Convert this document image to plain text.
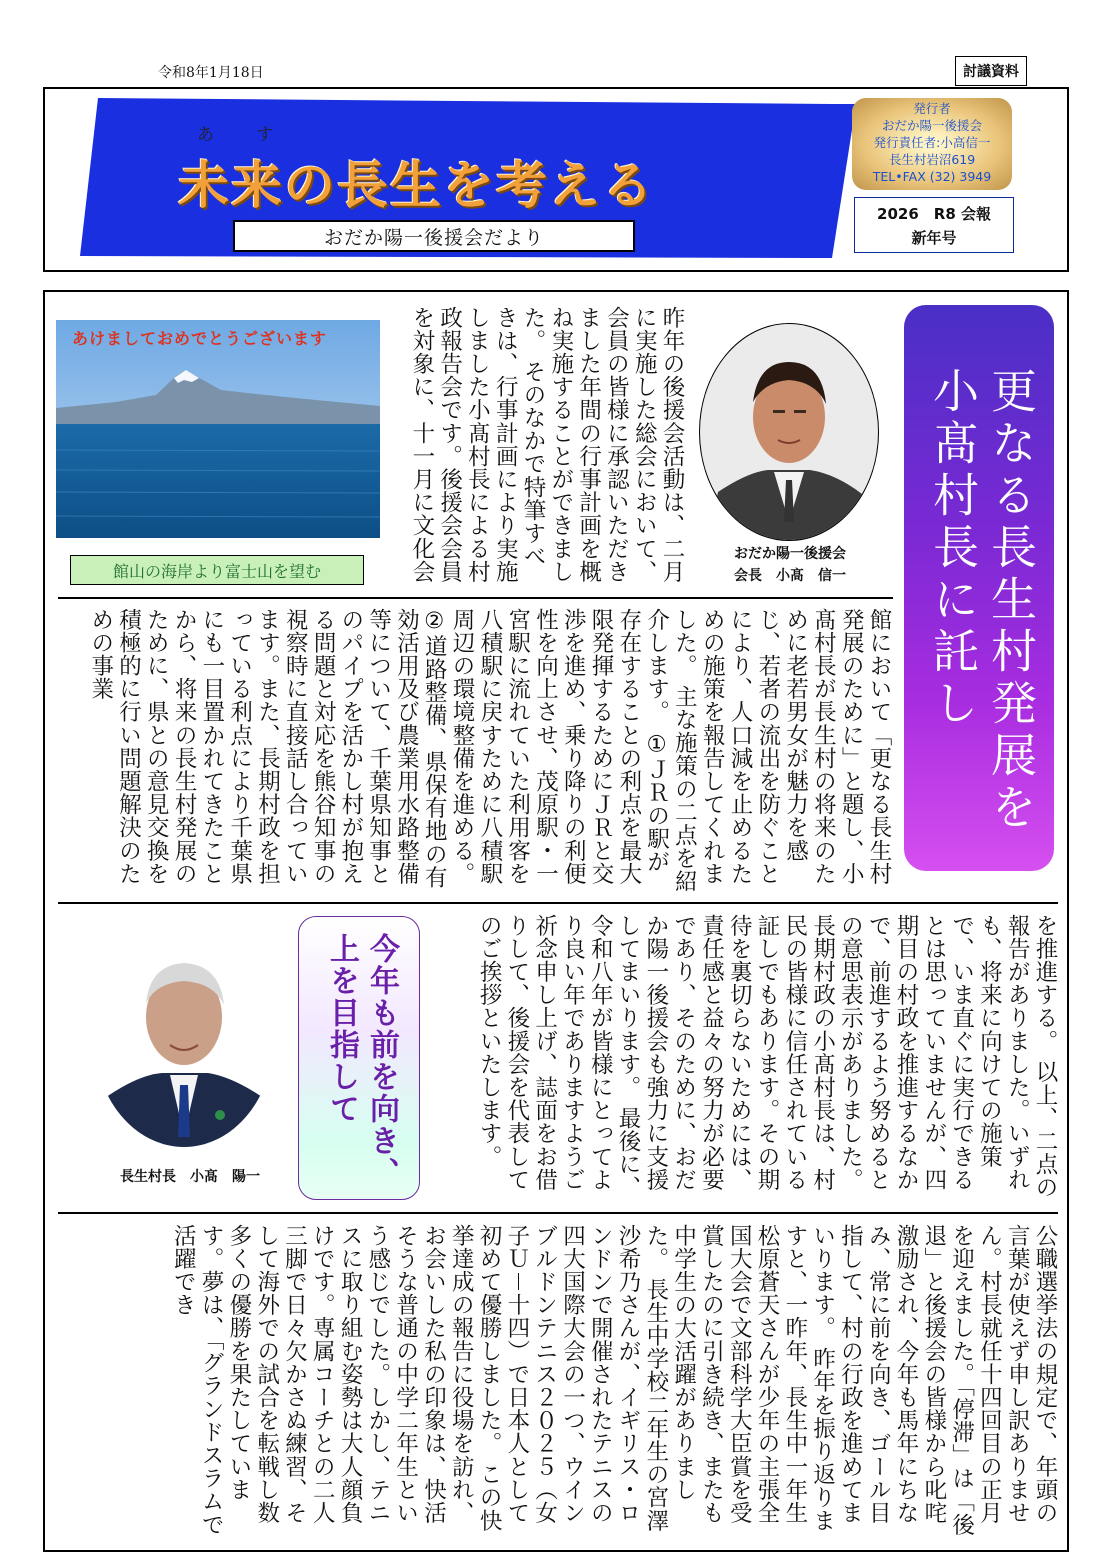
令和8年1月18日	討議資料
あ す
未来の長生を考える
おだか陽一後援会だより
発行者
おだか陽一後援会
発行責任者:小高信一
長生村岩沼619
TEL•FAX (32) 3949
2026　R8 会報
新年号
あけましておめでとうございます
館山の海岸より富士山を望む
おだか陽一後援会
会長　小髙　信一	更なる長生村発展を 小髙村長に託し
昨年の後援会活動は、二月に実施した総会において、会員の皆様に承認いただきました年間の行事計画を概ね実施することができました。 そのなかで特筆すべきは、行事計画により実施しました小髙村長による村政報告会です。後援会会員を対象に、十一月に文化会
館において「更なる長生村発展のために」と題し、小髙村長が長生村の将来のために老若男女が魅力を感じ、若者の流出を防ぐことにより、人口減を止めるための施策を報告してくれました。 主な施策の二点を紹介します。 ①ＪＲの駅が存在することの利点を最大限発揮するためにＪＲと交渉を進め、乗り降りの利便性を向上させ、茂原駅・一宮駅に流れていた利用客を八積駅に戻すために八積駅周辺の環境整備を進める。 ②道路整備、県保有地の有効活用及び農業用水路整備等について、千葉県知事とのパイプを活かし村が抱える問題と対応を熊谷知事の視察時に直接話し合っています。また、長期村政を担っている利点により千葉県にも一目置かれてきたことから、将来の長生村発展のために、県との意見交換を積極的に行い問題解決のための事業
を推進する。 以上、二点の報告がありました。いずれも、将来に向けての施策で、いま直ぐに実行できるとは思っていませんが、四期目の村政を推進するなかで、前進するよう努めるとの意思表示がありました。 長期村政の小髙村長は、村民の皆様に信任されている証しでもあります。その期待を裏切らないためには、責任感と益々の努力が必要であり、そのために、おだか陽一後援会も強力に支援してまいります。 最後に、令和八年が皆様にとってより良い年でありますようご祈念申し上げ、誌面をお借りして、後援会を代表してのご挨拶といたします。
公職選挙法の規定で、年頭の言葉が使えず申し訳ありません。村長就任十四回目の正月を迎えました。「停滞」は「後退」と後援会の皆様から叱咤激励され、今年も馬年にちなみ、常に前を向き、ゴール目指して、村の行政を進めてまいります。 昨年を振り返りますと、一昨年、長生中一年生松原蒼天さんが少年の主張全国大会で文部科学大臣賞を受賞したのに引き続き、またも中学生の大活躍がありました。 長生中学校二年生の宮澤沙希乃さんが、イギリス・ロンドンで開催されたテニスの四大国際大会の一つ、ウインブルドンテニス２０２５（女子Ｕ－十四）で日本人として初めて優勝しました。 この快挙達成の報告に役場を訪れ、お会いした私の印象は、快活そうな普通の中学二年生という感じでした。しかし、テニスに取り組む姿勢は大人顔負けです。専属コーチとの二人三脚で日々欠かさぬ練習、そして海外での試合を転戦し数多くの優勝を果たしています。夢は、「グランドスラムで活躍でき
長生村長　小髙　陽一	今年も前を向き、上を目指して
